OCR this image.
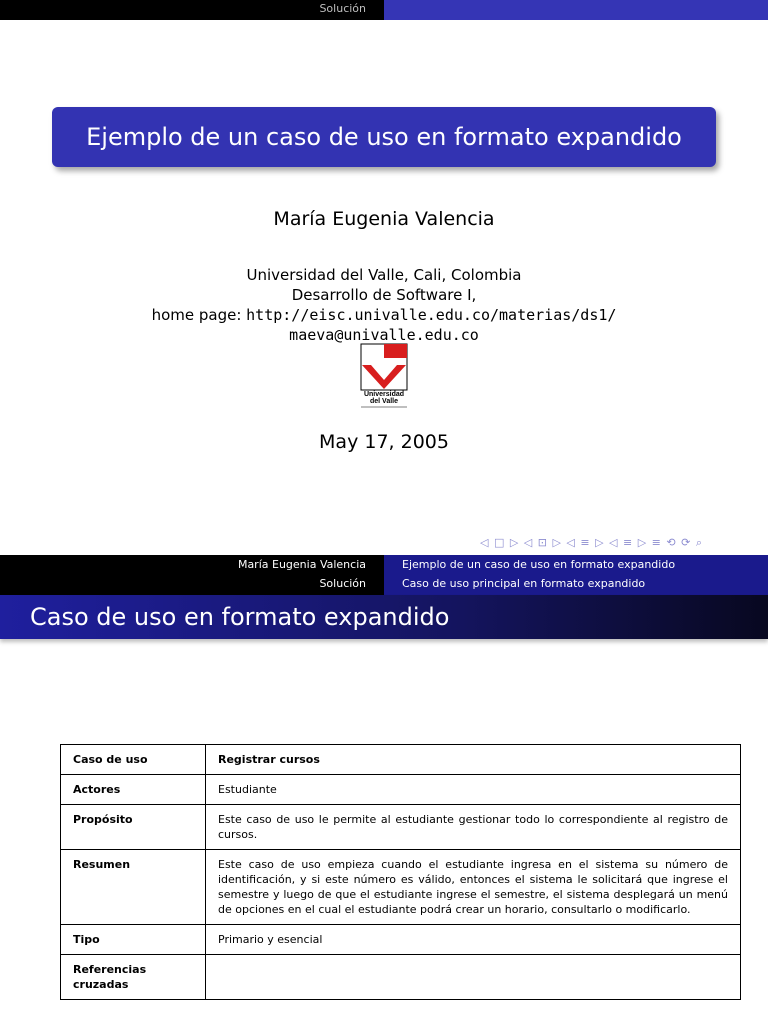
Solución
Ejemplo de un caso de uso en formato expandido
María Eugenia Valencia
Universidad del Valle, Cali, Colombia
Desarrollo de Software I,
home page: http://eisc.univalle.edu.co/materias/ds1/
maeva@univalle.edu.co
Universidad
del Valle
May 17, 2005
◁ □ ▷ ◁ ⊡ ▷ ◁ ≡ ▷ ◁ ≡ ▷ ≡ ⟲ ⟳ ⌕
María Eugenia Valencia
Solución
Ejemplo de un caso de uso en formato expandido
Caso de uso principal en formato expandido
Caso de uso en formato expandido
Caso de uso	Registrar cursos
Actores	Estudiante
Propósito	Este caso de uso le permite al estudiante gestionar todo lo correspondiente al registro de cursos.
Resumen	Este caso de uso empieza cuando el estudiante ingresa en el sistema su número de identificación, y si este número es válido, entonces el sistema le solicitará que ingrese el semestre y luego de que el estudiante ingrese el semestre, el sistema desplegará un menú de opciones en el cual el estudiante podrá crear un horario, consultarlo o modificarlo.
Tipo	Primario y esencial
Referencias cruzadas	
